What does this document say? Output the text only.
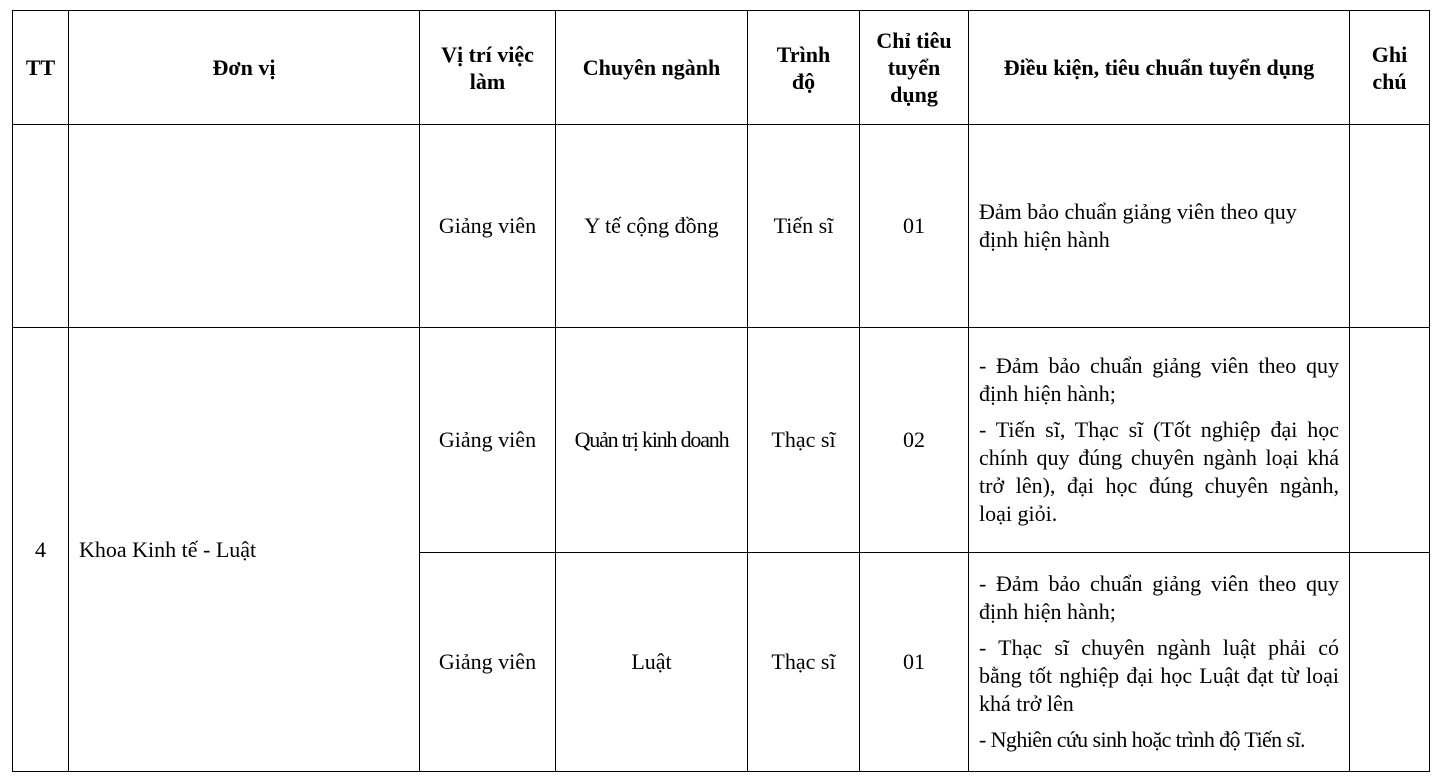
TT	Đơn vị	Vị trí việc làm	Chuyên ngành	Trình độ	Chỉ tiêu tuyển dụng	Điều kiện, tiêu chuẩn tuyển dụng	Ghi chú
		Giảng viên	Y tế cộng đồng	Tiến sĩ	01	Đảm bảo chuẩn giảng viên theo quy định hiện hành	

4	Khoa Kinh tế - Luật	Giảng viên	Quản trị kinh doanh	Thạc sĩ	02	- Đảm bảo chuẩn giảng viên theo quy định hiện hành;

- Tiến sĩ, Thạc sĩ (Tốt nghiệp đại học chính quy đúng chuyên ngành loại khá trở lên), đại học đúng chuyên ngành, loại giỏi.	

		Giảng viên	Luật	Thạc sĩ	01	- Đảm bảo chuẩn giảng viên theo quy định hiện hành;

- Thạc sĩ chuyên ngành luật phải có bằng tốt nghiệp đại học Luật đạt từ loại khá trở lên

- Nghiên cứu sinh hoặc trình độ Tiến sĩ.	
